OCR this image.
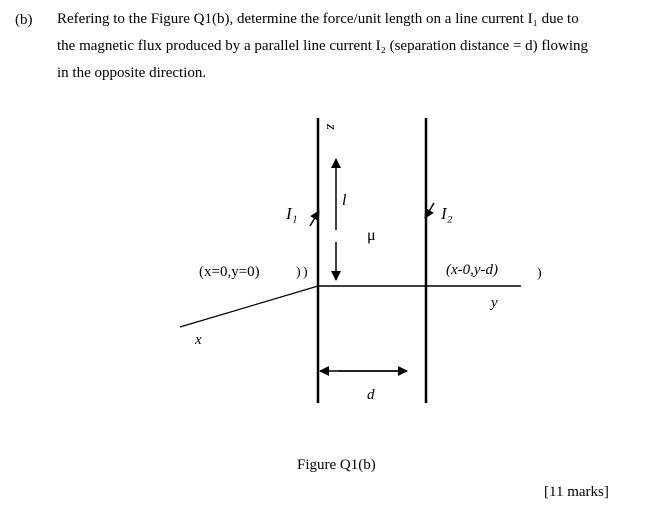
(b) Refering to the Figure Q1(b), determine the force/unit length on a line current I₁ due to
the magnetic flux produced by a parallel line current I₂ (separation distance = d) flowing
in the opposite direction.
) )	)
z
I₁	I₂
l
μ
(x=0,y=0)	(x-0,y-d)
y
x
d
Figure Q1(b)
[11 marks]
